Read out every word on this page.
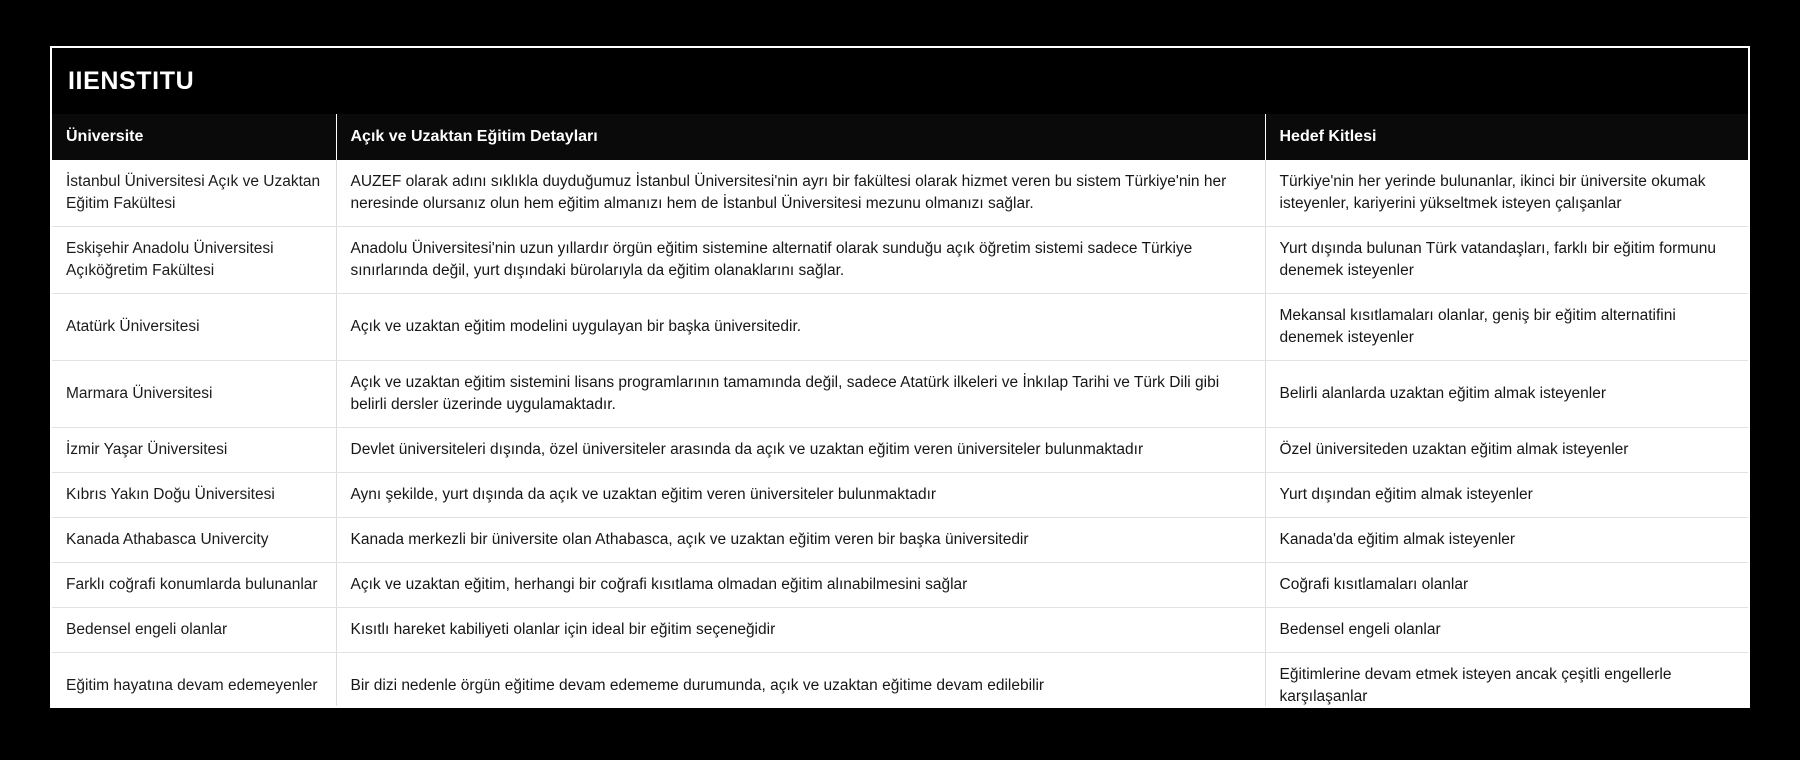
IIENSTITU
Üniversite	Açık ve Uzaktan Eğitim Detayları	Hedef Kitlesi
İstanbul Üniversitesi Açık ve Uzaktan Eğitim Fakültesi	AUZEF olarak adını sıklıkla duyduğumuz İstanbul Üniversitesi'nin ayrı bir fakültesi olarak hizmet veren bu sistem Türkiye'nin her neresinde olursanız olun hem eğitim almanızı hem de İstanbul Üniversitesi mezunu olmanızı sağlar.	Türkiye'nin her yerinde bulunanlar, ikinci bir üniversite okumak isteyenler, kariyerini yükseltmek isteyen çalışanlar
Eskişehir Anadolu Üniversitesi Açıköğretim Fakültesi	Anadolu Üniversitesi'nin uzun yıllardır örgün eğitim sistemine alternatif olarak sunduğu açık öğretim sistemi sadece Türkiye sınırlarında değil, yurt dışındaki bürolarıyla da eğitim olanaklarını sağlar.	Yurt dışında bulunan Türk vatandaşları, farklı bir eğitim formunu denemek isteyenler
Atatürk Üniversitesi	Açık ve uzaktan eğitim modelini uygulayan bir başka üniversitedir.	Mekansal kısıtlamaları olanlar, geniş bir eğitim alternatifini denemek isteyenler
Marmara Üniversitesi	Açık ve uzaktan eğitim sistemini lisans programlarının tamamında değil, sadece Atatürk ilkeleri ve İnkılap Tarihi ve Türk Dili gibi belirli dersler üzerinde uygulamaktadır.	Belirli alanlarda uzaktan eğitim almak isteyenler
İzmir Yaşar Üniversitesi	Devlet üniversiteleri dışında, özel üniversiteler arasında da açık ve uzaktan eğitim veren üniversiteler bulunmaktadır	Özel üniversiteden uzaktan eğitim almak isteyenler
Kıbrıs Yakın Doğu Üniversitesi	Aynı şekilde, yurt dışında da açık ve uzaktan eğitim veren üniversiteler bulunmaktadır	Yurt dışından eğitim almak isteyenler
Kanada Athabasca Univercity	Kanada merkezli bir üniversite olan Athabasca, açık ve uzaktan eğitim veren bir başka üniversitedir	Kanada'da eğitim almak isteyenler
Farklı coğrafi konumlarda bulunanlar	Açık ve uzaktan eğitim, herhangi bir coğrafi kısıtlama olmadan eğitim alınabilmesini sağlar	Coğrafi kısıtlamaları olanlar
Bedensel engeli olanlar	Kısıtlı hareket kabiliyeti olanlar için ideal bir eğitim seçeneğidir	Bedensel engeli olanlar
Eğitim hayatına devam edemeyenler	Bir dizi nedenle örgün eğitime devam edememe durumunda, açık ve uzaktan eğitime devam edilebilir	Eğitimlerine devam etmek isteyen ancak çeşitli engellerle karşılaşanlar
